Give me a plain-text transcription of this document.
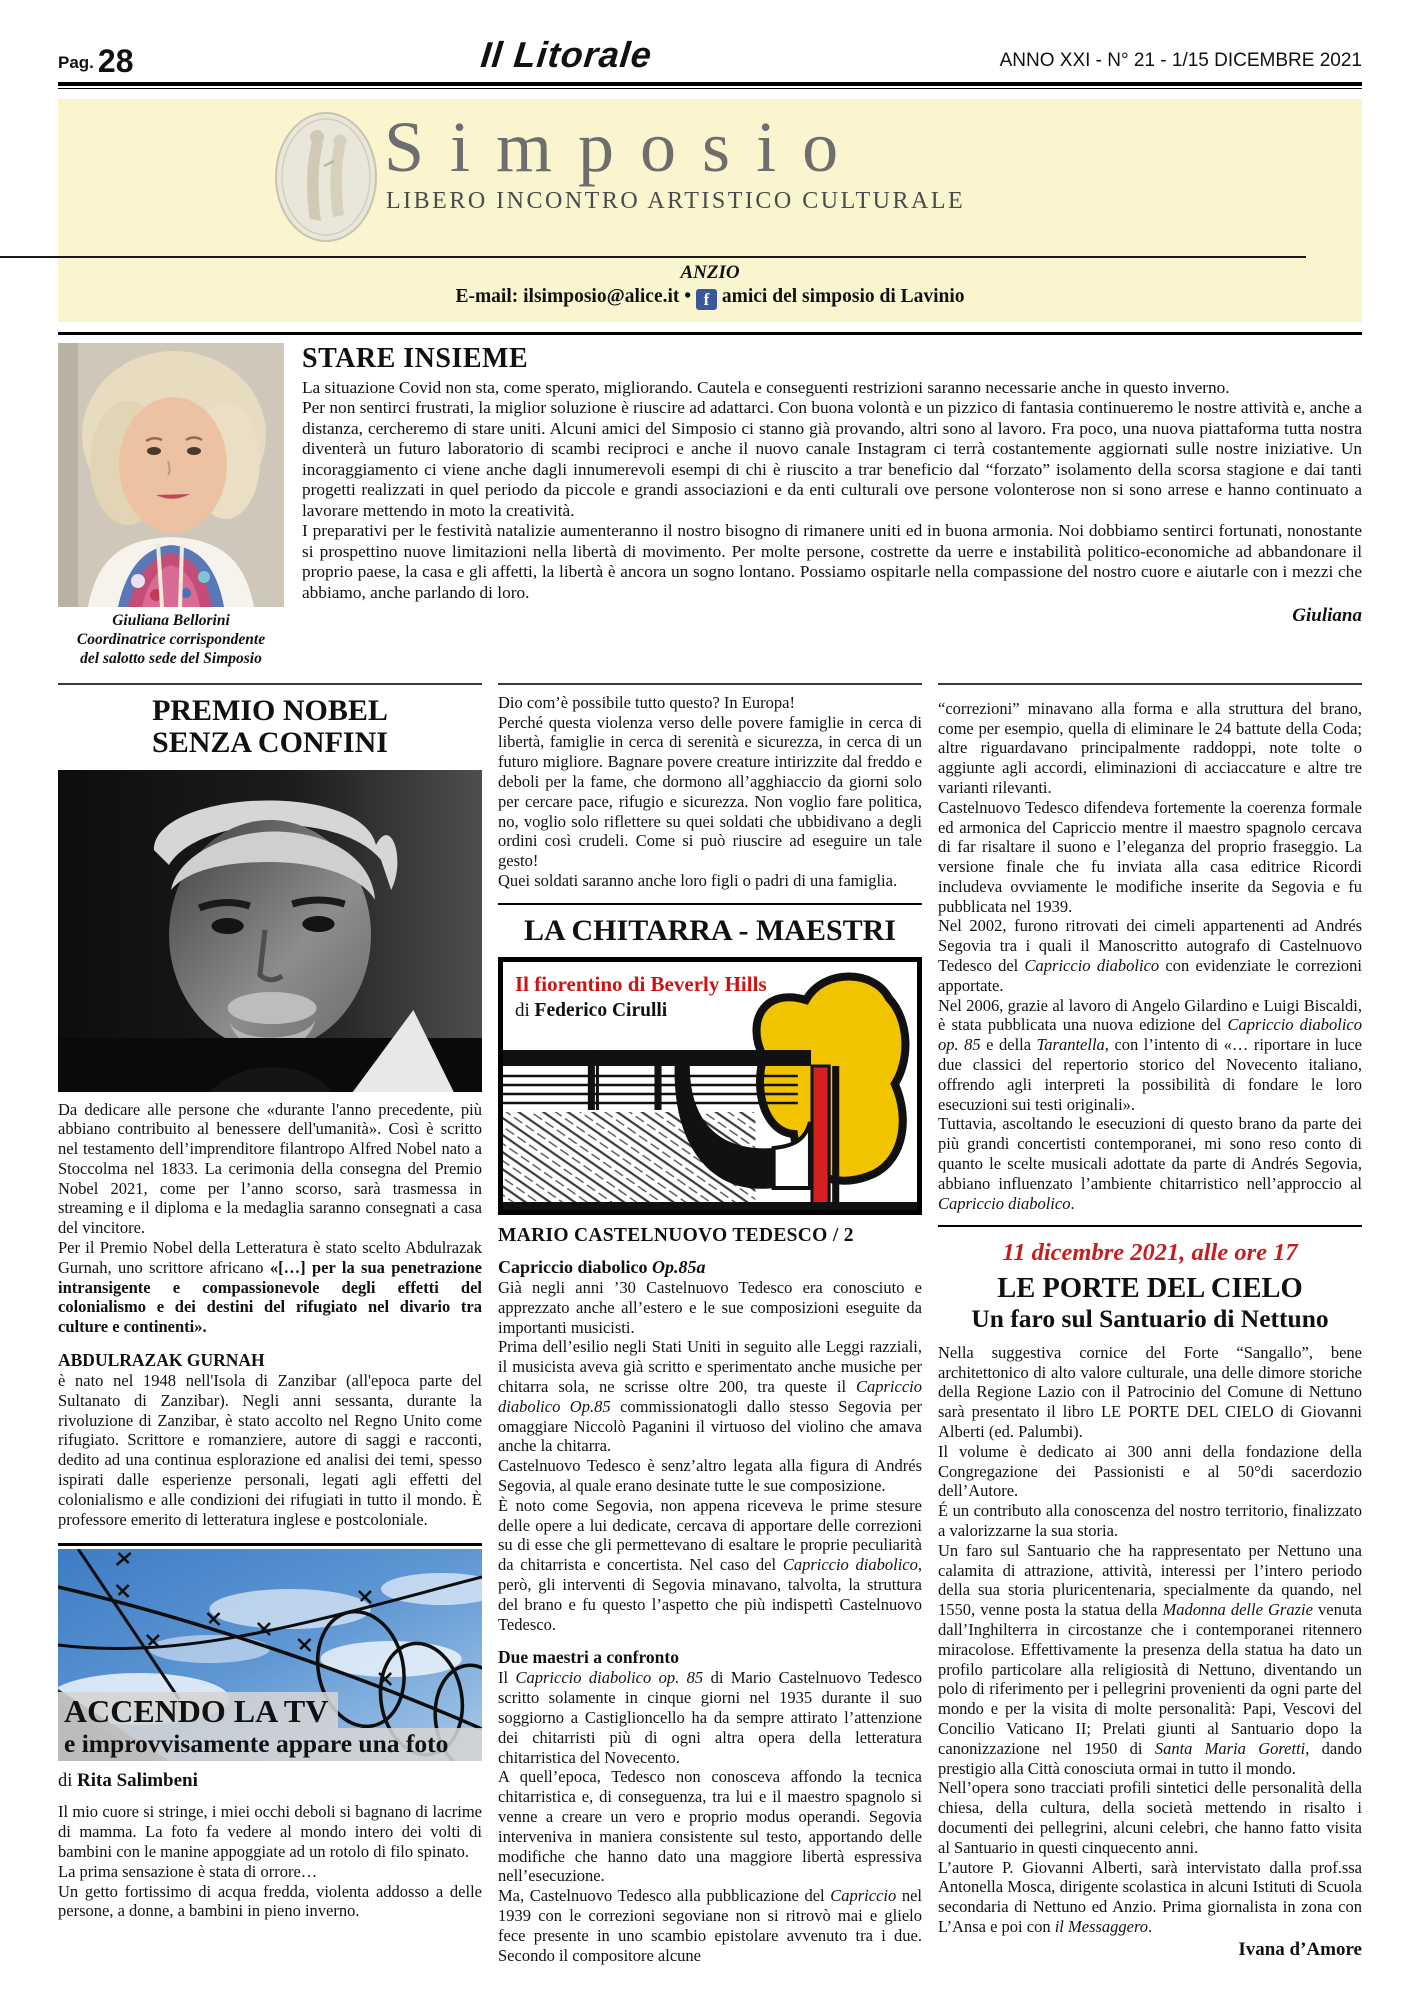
Pag. 28	Il Litorale	ANNO XXI - N° 21 - 1/15 DICEMBRE 2021
Simposio
LIBERO INCONTRO ARTISTICO CULTURALE
ANZIO
E-mail: ilsimposio@alice.it • f amici del simposio di Lavinio
Giuliana Bellorini
Coordinatrice corrispondente
del salotto sede del Simposio
STARE INSIEME

La situazione Covid non sta, come sperato, migliorando. Cautela e conseguenti restrizioni saranno necessarie anche in questo inverno.

Per non sentirci frustrati, la miglior soluzione è riuscire ad adattarci. Con buona volontà e un pizzico di fantasia continueremo le nostre attività e, anche a distanza, cercheremo di stare uniti. Alcuni amici del Simposio ci stanno già provando, altri sono al lavoro. Fra poco, una nuova piattaforma tutta nostra diventerà un futuro laboratorio di scambi reciproci e anche il nuovo canale Instagram ci terrà costantemente aggiornati sulle nostre iniziative. Un incoraggiamento ci viene anche dagli innumerevoli esempi di chi è riuscito a trar beneficio dal “forzato” isolamento della scorsa stagione e dai tanti progetti realizzati in quel periodo da piccole e grandi associazioni e da enti culturali ove persone volonterose non si sono arrese e hanno continuato a lavorare mettendo in moto la creatività.

I preparativi per le festività natalizie aumenteranno il nostro bisogno di rimanere uniti ed in buona armonia. Noi dobbiamo sentirci fortunati, nonostante si prospettino nuove limitazioni nella libertà di movimento. Per molte persone, costrette da uerre e instabilità politico-economiche ad abbandonare il proprio paese, la casa e gli affetti, la libertà è ancora un sogno lontano. Possiamo ospitarle nella compassione del nostro cuore e aiutarle con i mezzi che abbiamo, anche parlando di loro.

Giuliana
PREMIO NOBEL
SENZA CONFINI

Da dedicare alle persone che «durante l'anno precedente, più abbiano contribuito al benessere dell'umanità». Così è scritto nel testamento dell’imprenditore filantropo Alfred Nobel nato a Stoccolma nel 1833. La cerimonia della consegna del Premio Nobel 2021, come per l’anno scorso, sarà trasmessa in streaming e il diploma e la medaglia saranno consegnati a casa del vincitore.

Per il Premio Nobel della Letteratura è stato scelto Abdulrazak Gurnah, uno scrittore africano «[…] per la sua penetrazione intransigente e compassionevole degli effetti del colonialismo e dei destini del rifugiato nel divario tra culture e continenti».

ABDULRAZAK GURNAH

è nato nel 1948 nell'Isola di Zanzibar (all'epoca parte del Sultanato di Zanzibar). Negli anni sessanta, durante la rivoluzione di Zanzibar, è stato accolto nel Regno Unito come rifugiato. Scrittore e romanziere, autore di saggi e racconti, dedito ad una continua esplorazione ed analisi dei temi, spesso ispirati dalle esperienze personali, legati agli effetti del colonialismo e alle condizioni dei rifugiati in tutto il mondo. È professore emerito di letteratura inglese e postcoloniale.

ACCENDO LA TV
e improvvisamente appare una foto
di Rita Salimbeni

Il mio cuore si stringe, i miei occhi deboli si bagnano di lacrime di mamma. La foto fa vedere al mondo intero dei volti di bambini con le manine appoggiate ad un rotolo di filo spinato.

La prima sensazione è stata di orrore…

Un getto fortissimo di acqua fredda, violenta addosso a delle persone, a donne, a bambini in pieno inverno.

Dio com’è possibile tutto questo? In Europa!

Perché questa violenza verso delle povere famiglie in cerca di libertà, famiglie in cerca di serenità e sicurezza, in cerca di un futuro migliore. Bagnare povere creature intirizzite dal freddo e deboli per la fame, che dormono all’agghiaccio da giorni solo per cercare pace, rifugio e sicurezza. Non voglio fare politica, no, voglio solo riflettere su quei soldati che ubbidivano a degli ordini così crudeli. Come si può riuscire ad eseguire un tale gesto!

Quei soldati saranno anche loro figli o padri di una famiglia.

LA CHITARRA - MAESTRI
Il fiorentino di Beverly Hills
di Federico Cirulli
MARIO CASTELNUOVO TEDESCO / 2
Capriccio diabolico Op.85a

Già negli anni ’30 Castelnuovo Tedesco era conosciuto e apprezzato anche all’estero e le sue composizioni eseguite da importanti musicisti.

Prima dell’esilio negli Stati Uniti in seguito alle Leggi razziali, il musicista aveva già scritto e sperimentato anche musiche per chitarra sola, ne scrisse oltre 200, tra queste il Capriccio diabolico Op.85 commissionatogli dallo stesso Segovia per omaggiare Niccolò Paganini il virtuoso del violino che amava anche la chitarra.

Castelnuovo Tedesco è senz’altro legata alla figura di Andrés Segovia, al quale erano desinate tutte le sue composizione.

È noto come Segovia, non appena riceveva le prime stesure delle opere a lui dedicate, cercava di apportare delle correzioni su di esse che gli permettevano di esaltare le proprie peculiarità da chitarrista e concertista. Nel caso del Capriccio diabolico, però, gli interventi di Segovia minavano, talvolta, la struttura del brano e fu questo l’aspetto che più indispettì Castelnuovo Tedesco.

Due maestri a confronto

Il Capriccio diabolico op. 85 di Mario Castelnuovo Tedesco scritto solamente in cinque giorni nel 1935 durante il suo soggiorno a Castiglioncello ha da sempre attirato l’attenzione dei chitarristi più di ogni altra opera della letteratura chitarristica del Novecento.

A quell’epoca, Tedesco non conosceva affondo la tecnica chitarristica e, di conseguenza, tra lui e il maestro spagnolo si venne a creare un vero e proprio modus operandi. Segovia interveniva in maniera consistente sul testo, apportando delle modifiche che hanno dato una maggiore libertà espressiva nell’esecuzione.

Ma, Castelnuovo Tedesco alla pubblicazione del Capriccio nel 1939 con le correzioni segoviane non si ritrovò mai e glielo fece presente in uno scambio epistolare avvenuto tra i due. Secondo il compositore alcune

“correzioni” minavano alla forma e alla struttura del brano, come per esempio, quella di eliminare le 24 battute della Coda; altre riguardavano principalmente raddoppi, note tolte o aggiunte agli accordi, eliminazioni di acciaccature e altre tre varianti rilevanti.

Castelnuovo Tedesco difendeva fortemente la coerenza formale ed armonica del Capriccio mentre il maestro spagnolo cercava di far risaltare il suono e l’eleganza del proprio fraseggio. La versione finale che fu inviata alla casa editrice Ricordi includeva ovviamente le modifiche inserite da Segovia e fu pubblicata nel 1939.

Nel 2002, furono ritrovati dei cimeli appartenenti ad Andrés Segovia tra i quali il Manoscritto autografo di Castelnuovo Tedesco del Capriccio diabolico con evidenziate le correzioni apportate.

Nel 2006, grazie al lavoro di Angelo Gilardino e Luigi Biscaldi, è stata pubblicata una nuova edizione del Capriccio diabolico op. 85 e della Tarantella, con l’intento di «… riportare in luce due classici del repertorio storico del Novecento italiano, offrendo agli interpreti la possibilità di fondare le loro esecuzioni sui testi originali».

Tuttavia, ascoltando le esecuzioni di questo brano da parte dei più grandi concertisti contemporanei, mi sono reso conto di quanto le scelte musicali adottate da parte di Andrés Segovia, abbiano influenzato l’ambiente chitarristico nell’approccio al Capriccio diabolico.

11 dicembre 2021, alle ore 17
LE PORTE DEL CIELO
Un faro sul Santuario di Nettuno

Nella suggestiva cornice del Forte “Sangallo”, bene architettonico di alto valore culturale, una delle dimore storiche della Regione Lazio con il Patrocinio del Comune di Nettuno sarà presentato il libro LE PORTE DEL CIELO di Giovanni Alberti (ed. Palumbi).

Il volume è dedicato ai 300 anni della fondazione della Congregazione dei Passionisti e al 50°di sacerdozio dell’Autore.

É un contributo alla conoscenza del nostro territorio, finalizzato a valorizzarne la sua storia.

Un faro sul Santuario che ha rappresentato per Nettuno una calamita di attrazione, attività, interessi per l’intero periodo della sua storia pluricentenaria, specialmente da quando, nel 1550, venne posta la statua della Madonna delle Grazie venuta dall’Inghilterra in circostanze che i contemporanei ritennero miracolose. Effettivamente la presenza della statua ha dato un profilo particolare alla religiosità di Nettuno, diventando un polo di riferimento per i pellegrini provenienti da ogni parte del mondo e per la visita di molte personalità: Papi, Vescovi del Concilio Vaticano II; Prelati giunti al Santuario dopo la canonizzazione nel 1950 di Santa Maria Goretti, dando prestigio alla Città conosciuta ormai in tutto il mondo.

Nell’opera sono tracciati profili sintetici delle personalità della chiesa, della cultura, della società mettendo in risalto i documenti dei pellegrini, alcuni celebri, che hanno fatto visita al Santuario in questi cinquecento anni.

L’autore P. Giovanni Alberti, sarà intervistato dalla prof.ssa Antonella Mosca, dirigente scolastica in alcuni Istituti di Scuola secondaria di Nettuno ed Anzio. Prima giornalista in zona con L’Ansa e poi con il Messaggero.

Ivana d’Amore
